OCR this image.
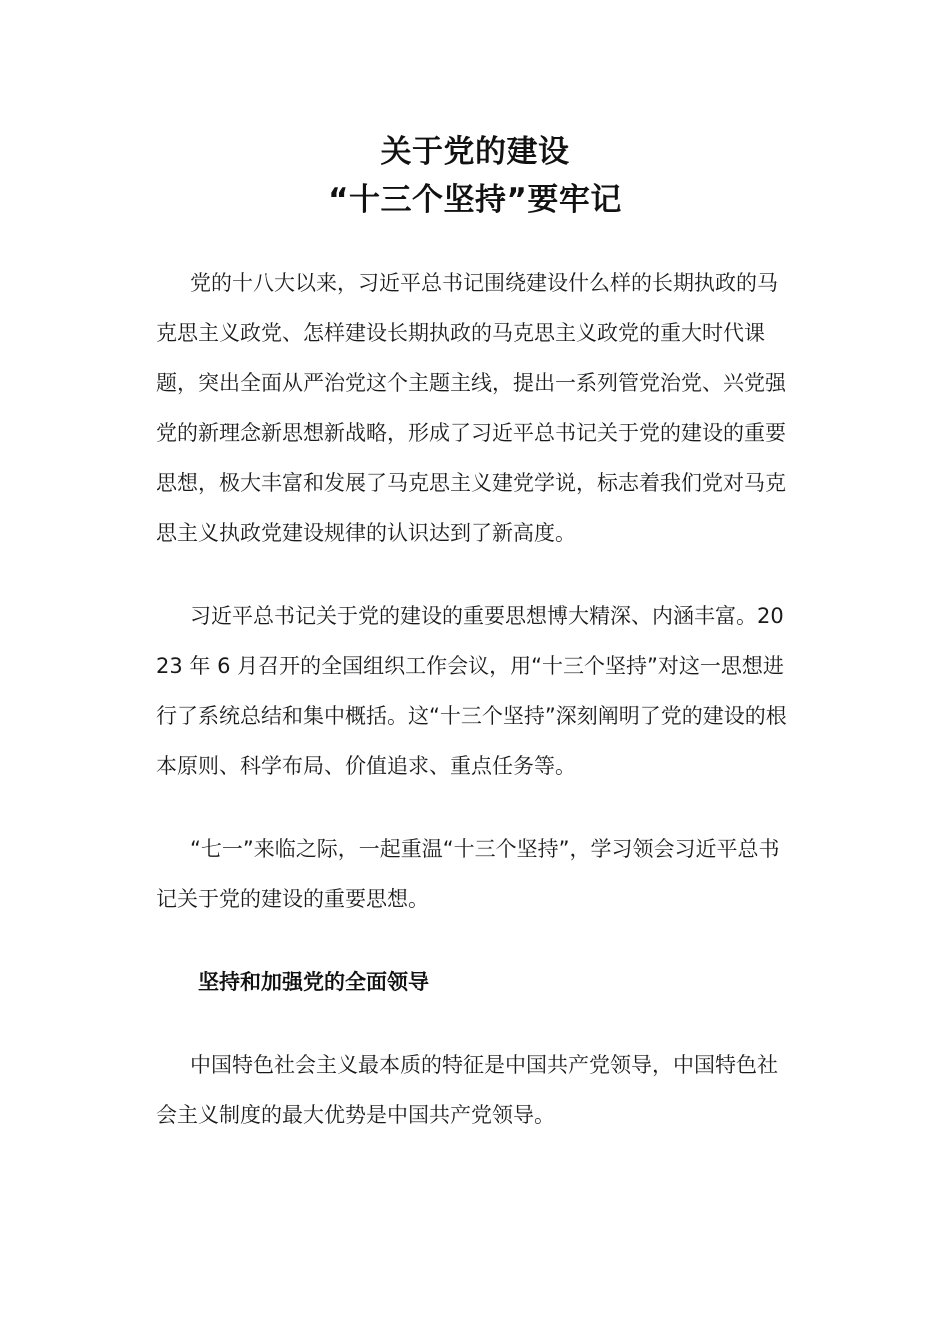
关于党的建设
“十三个坚持”要牢记

党的十八大以来，习近平总书记围绕建设什么样的长期执政的马克思主义政党、怎样建设长期执政的马克思主义政党的重大时代课题，突出全面从严治党这个主题主线，提出一系列管党治党、兴党强党的新理念新思想新战略，形成了习近平总书记关于党的建设的重要思想，极大丰富和发展了马克思主义建党学说，标志着我们党对马克思主义执政党建设规律的认识达到了新高度。

习近平总书记关于党的建设的重要思想博大精深、内涵丰富。2023 年 6 月召开的全国组织工作会议，用“十三个坚持”对这一思想进行了系统总结和集中概括。这“十三个坚持”深刻阐明了党的建设的根本原则、科学布局、价值追求、重点任务等。

“七一”来临之际，一起重温“十三个坚持”，学习领会习近平总书记关于党的建设的重要思想。

坚持和加强党的全面领导

中国特色社会主义最本质的特征是中国共产党领导，中国特色社会主义制度的最大优势是中国共产党领导。
